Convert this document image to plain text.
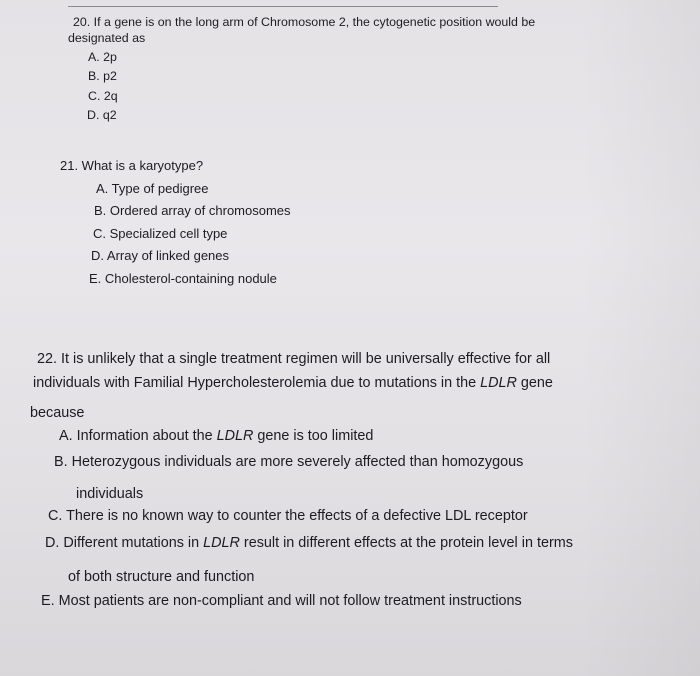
​
20. If a gene is on the long arm of Chromosome 2, the cytogenetic position would be
designated as
A. 2p
B. p2
C. 2q
D. q2
21. What is a karyotype?
A. Type of pedigree
B. Ordered array of chromosomes
C. Specialized cell type
D. Array of linked genes
E. Cholesterol-containing nodule
22. It is unlikely that a single treatment regimen will be universally effective for all
individuals with Familial Hypercholesterolemia due to mutations in the LDLR gene
because
A. Information about the LDLR gene is too limited
B. Heterozygous individuals are more severely affected than homozygous
individuals
C. There is no known way to counter the effects of a defective LDL receptor
D. Different mutations in LDLR result in different effects at the protein level in terms
of both structure and function
E. Most patients are non-compliant and will not follow treatment instructions
